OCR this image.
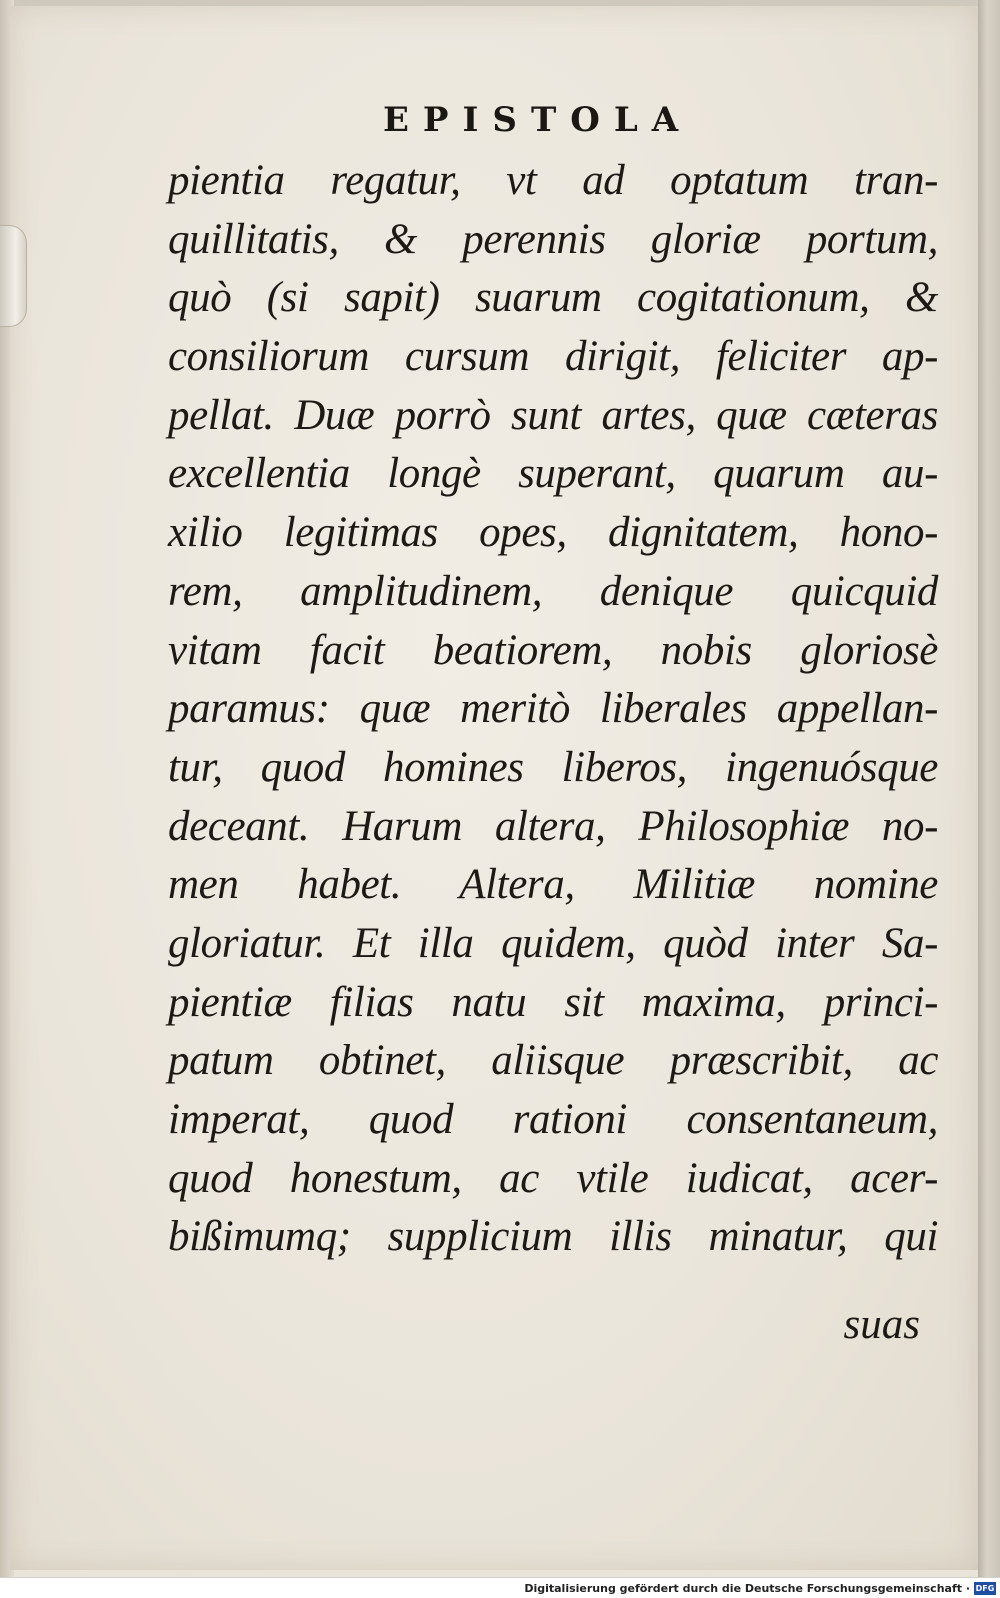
EPISTOLA
pientia regatur, vt ad optatum tran-
quillitatis, & perennis gloriæ portum,
quò (si sapit) suarum cogitationum, &
consiliorum cursum dirigit, feliciter ap-
pellat. Duæ porrò sunt artes, quæ cæteras
excellentia longè superant, quarum au-
xilio legitimas opes, dignitatem, hono-
rem, amplitudinem, denique quicquid
vitam facit beatiorem, nobis gloriosè
paramus: quæ meritò liberales appellan-
tur, quod homines liberos, ingenuósque
deceant. Harum altera, Philosophiæ no-
men habet. Altera, Militiæ nomine
gloriatur. Et illa quidem, quòd inter Sa-
pientiæ filias natu sit maxima, princi-
patum obtinet, aliisque præscribit, ac
imperat, quod rationi consentaneum,
quod honestum, ac vtile iudicat, acer-
bißimumq; supplicium illis minatur, qui

suas

Digitalisierung gefördert durch die Deutsche Forschungsgemeinschaft · DFG
